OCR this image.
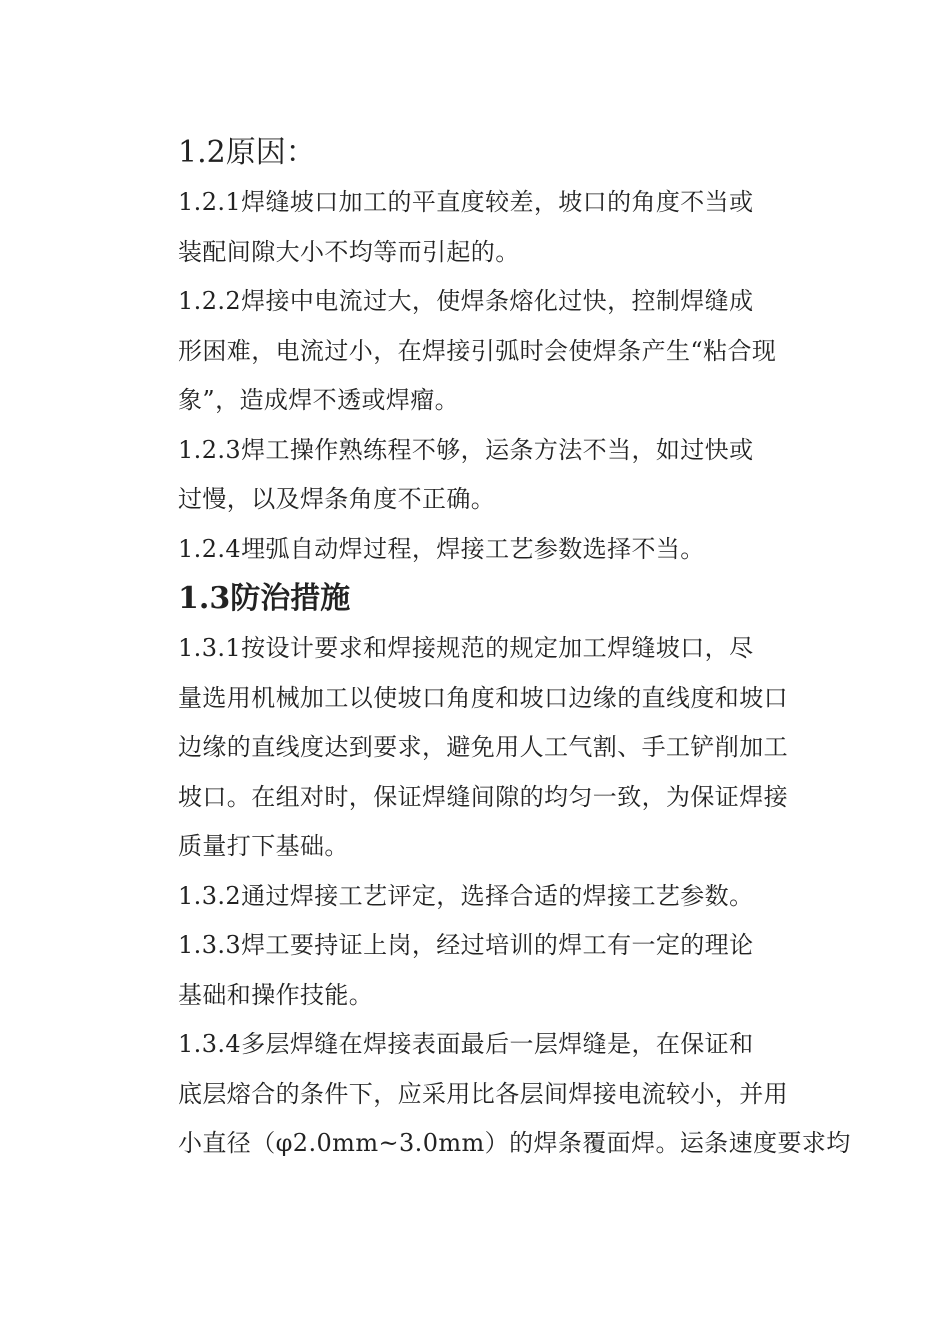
1.2原因：

1.2.1焊缝坡口加工的平直度较差，坡口的角度不当或
装配间隙大小不均等而引起的。

1.2.2焊接中电流过大，使焊条熔化过快，控制焊缝成
形困难，电流过小，在焊接引弧时会使焊条产生“粘合现
象”，造成焊不透或焊瘤。

1.2.3焊工操作熟练程不够，运条方法不当，如过快或
过慢，以及焊条角度不正确。

1.2.4埋弧自动焊过程，焊接工艺参数选择不当。

1.3防治措施

1.3.1按设计要求和焊接规范的规定加工焊缝坡口，尽
量选用机械加工以使坡口角度和坡口边缘的直线度和坡口
边缘的直线度达到要求，避免用人工气割、手工铲削加工
坡口。在组对时，保证焊缝间隙的均匀一致，为保证焊接
质量打下基础。

1.3.2通过焊接工艺评定，选择合适的焊接工艺参数。

1.3.3焊工要持证上岗，经过培训的焊工有一定的理论
基础和操作技能。

1.3.4多层焊缝在焊接表面最后一层焊缝是，在保证和
底层熔合的条件下，应采用比各层间焊接电流较小，并用
小直径（φ2.0mm~3.0mm）的焊条覆面焊。运条速度要求均
